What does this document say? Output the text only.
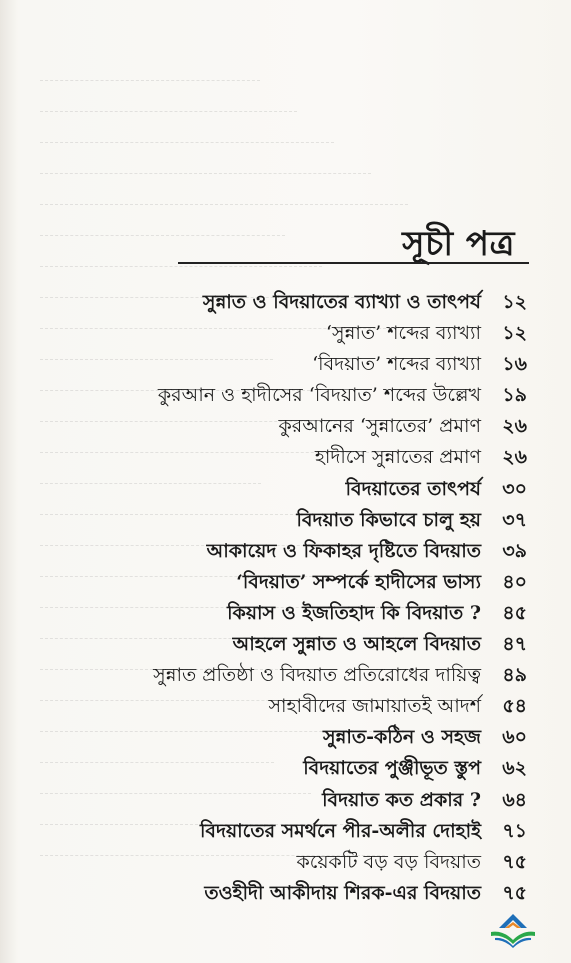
সূচী পত্র
সুন্নাত ও বিদয়াতের ব্যাখ্যা ও তাৎপর্য	১২
‘সুন্নাত’ শব্দের ব্যাখ্যা	১২
‘বিদয়াত’ শব্দের ব্যাখ্যা	১৬
কুরআন ও হাদীসের ‘বিদয়াত’ শব্দের উল্লেখ	১৯
কুরআনের ‘সুন্নাতের’ প্রমাণ	২৬
হাদীসে সুন্নাতের প্রমাণ	২৬
বিদয়াতের তাৎপর্য	৩০
বিদয়াত কিভাবে চালু হয়	৩৭
আকায়েদ ও ফিকাহর দৃষ্টিতে বিদয়াত	৩৯
‘বিদয়াত’ সম্পর্কে হাদীসের ভাস্য	৪০
কিয়াস ও ইজতিহাদ কি বিদয়াত ?	৪৫
আহলে সুন্নাত ও আহলে বিদয়াত	৪৭
সুন্নাত প্রতিষ্ঠা ও বিদয়াত প্রতিরোধের দায়িত্ব	৪৯
সাহাবীদের জামায়াতই আদর্শ	৫৪
সুন্নাত-কঠিন ও সহজ	৬০
বিদয়াতের পুঞ্জীভূত স্তুপ	৬২
বিদয়াত কত প্রকার ?	৬৪
বিদয়াতের সমর্থনে পীর-অলীর দোহাই	৭১
কয়েকটি বড় বড় বিদয়াত	৭৫
তওহীদী আকীদায় শিরক-এর বিদয়াত	৭৫
